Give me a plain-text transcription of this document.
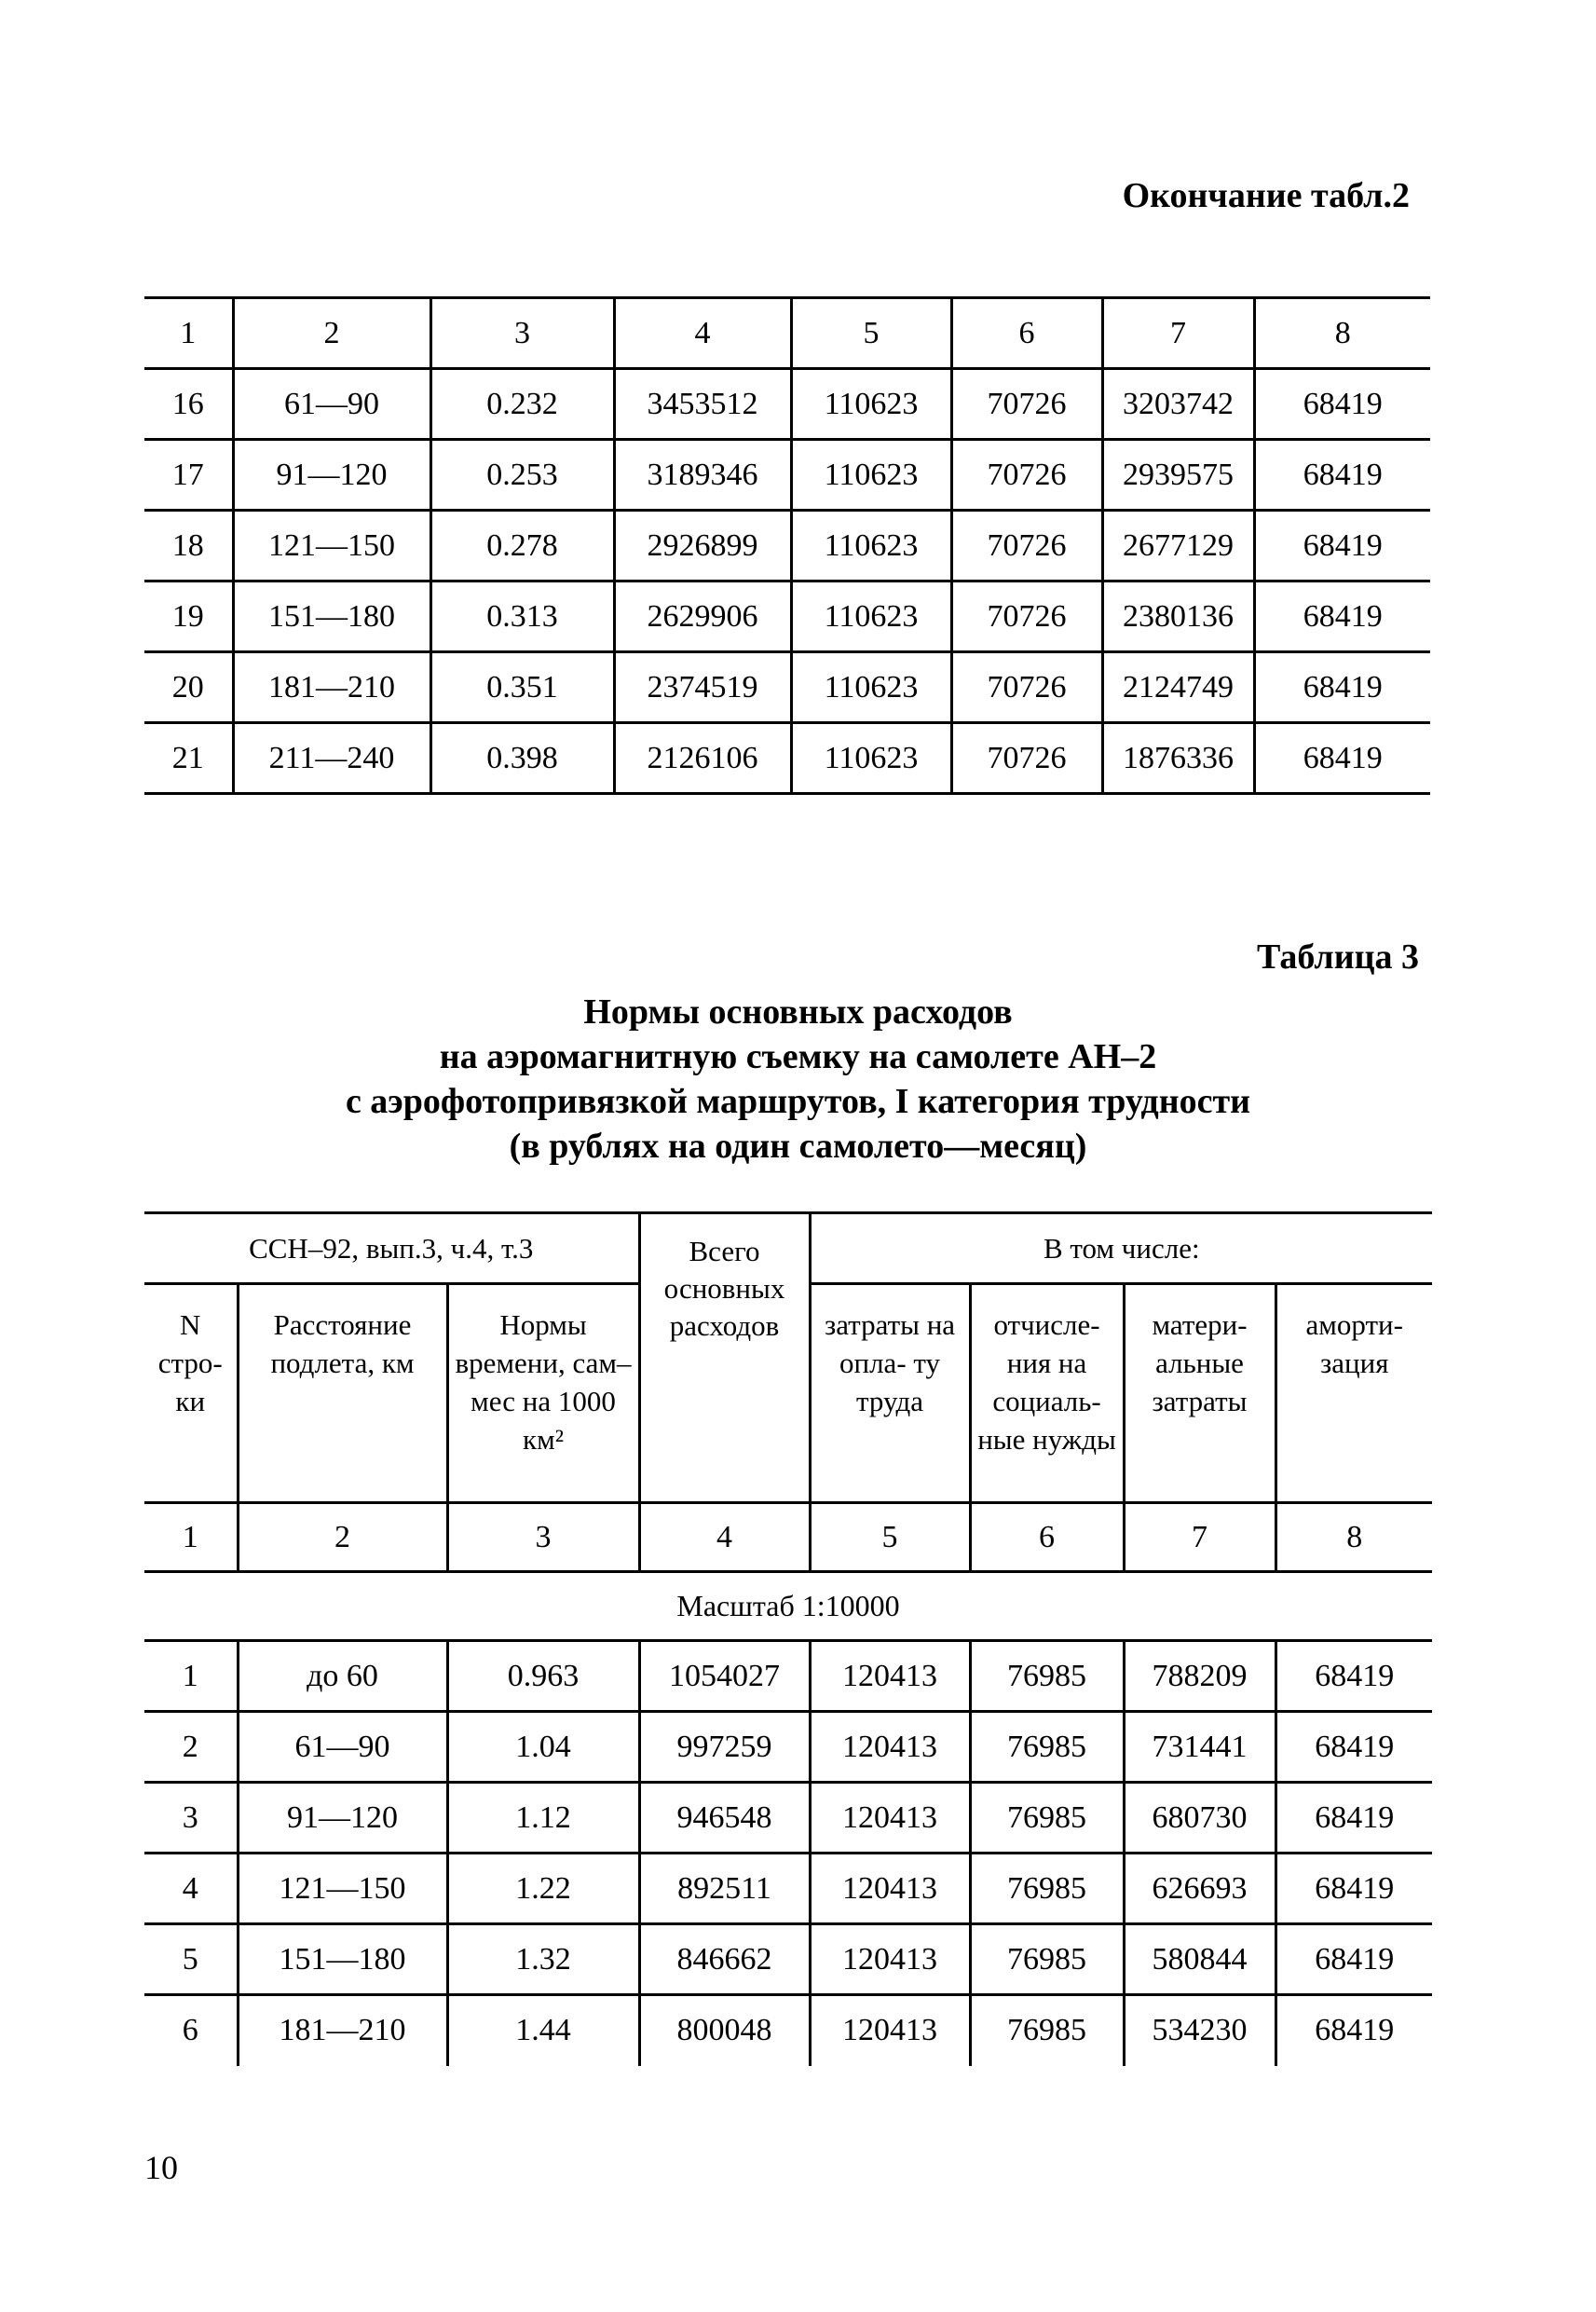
Окончание табл.2
1	2	3	4	5	6	7	8
16	61—90	0.232	3453512	110623	70726	3203742	68419
17	91—120	0.253	3189346	110623	70726	2939575	68419
18	121—150	0.278	2926899	110623	70726	2677129	68419
19	151—180	0.313	2629906	110623	70726	2380136	68419
20	181—210	0.351	2374519	110623	70726	2124749	68419
21	211—240	0.398	2126106	110623	70726	1876336	68419
Таблица 3
Нормы основных расходов
на аэромагнитную съемку на самолете АН–2
с аэрофотопривязкой маршрутов, I категория трудности
(в рублях на один самолето—месяц)
ССН–92, вып.3, ч.4, т.3			Всего основных расходов	В том числе:			
N стро- ки	Расстояние подлета, км	Нормы времени, сам–мес на 1000 км²		затраты на опла- ту труда	отчисле- ния на социаль- ные нужды	матери- альные затраты	аморти- зация
1	2	3	4	5	6	7	8
Масштаб 1:10000							
1	до 60	0.963	1054027	120413	76985	788209	68419
2	61—90	1.04	997259	120413	76985	731441	68419
3	91—120	1.12	946548	120413	76985	680730	68419
4	121—150	1.22	892511	120413	76985	626693	68419
5	151—180	1.32	846662	120413	76985	580844	68419
6	181—210	1.44	800048	120413	76985	534230	68419
10
